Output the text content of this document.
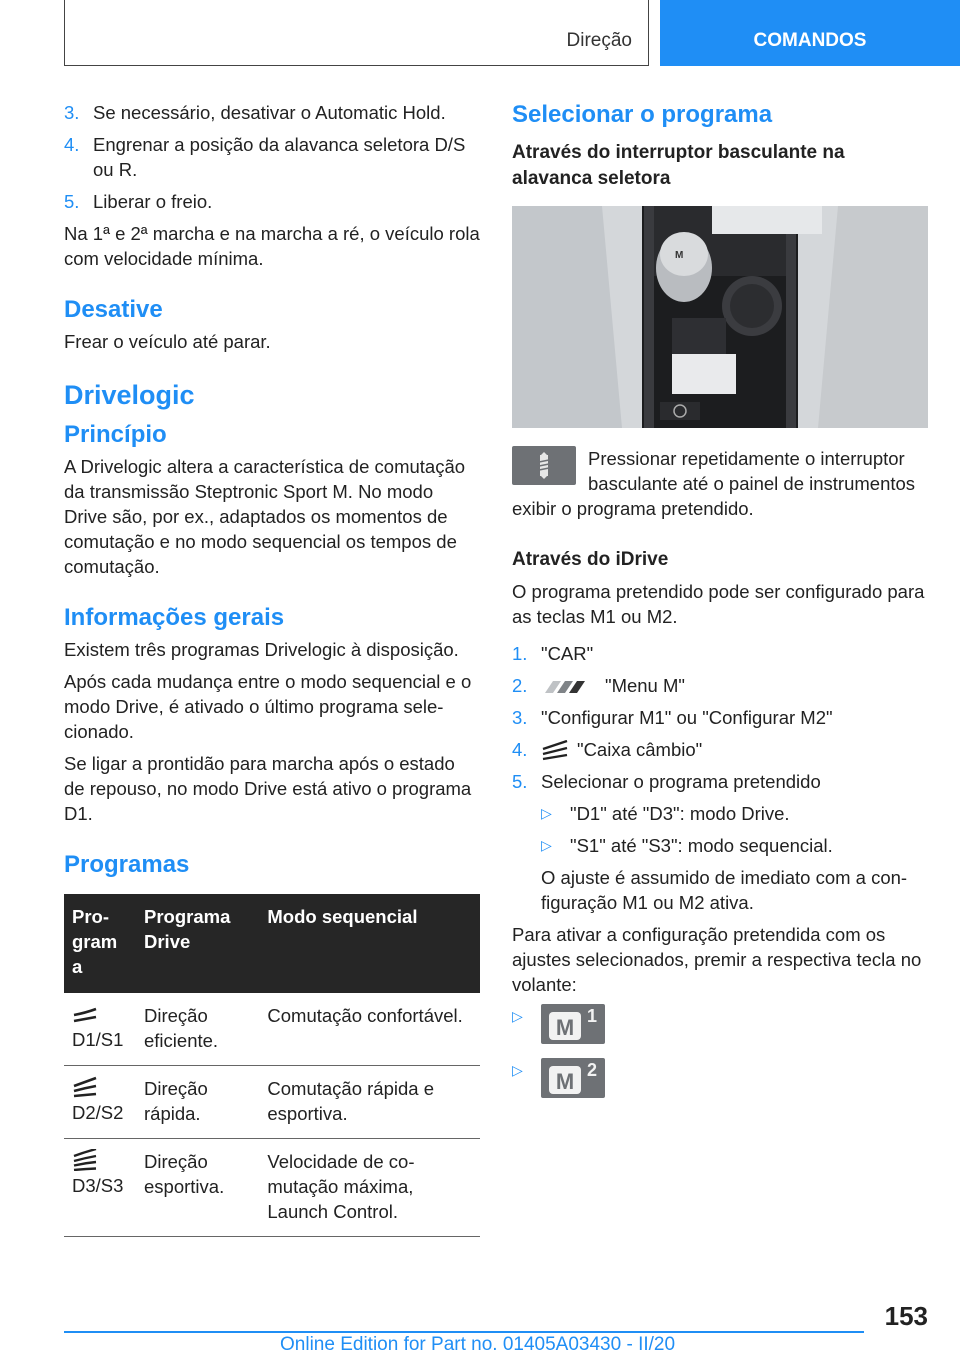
Direção	COMANDOS
3. Se necessário, desativar o Automatic Hold.
4. Engrenar a posição da alavanca seletora D/S ou R.
5. Liberar o freio.

Na 1ª e 2ª marcha e na marcha a ré, o veículo rola com velocidade mínima.

Desative

Frear o veículo até parar.

Drivelogic
Princípio

A Drivelogic altera a característica de comutação da transmissão Steptronic Sport M. No modo Drive são, por ex., adaptados os momentos de comutação e no modo sequencial os tempos de comutação.

Informações gerais

Existem três programas Drivelogic à disposição.

Após cada mudança entre o modo sequencial e o modo Drive, é ativado o último programa selecionado.

Se ligar a prontidão para marcha após o estado de repouso, no modo Drive está ativo o programa D1.

Programas
Program a	Programa Drive	Modo sequencial

D1/S1	Direção eficiente.	Comutação confortável.

D2/S2	Direção rápida.	Comutação rápida e esportiva.

D3/S3	Direção esportiva.	Velocidade de comutação máxima, Launch Control.
Selecionar o programa
Através do interruptor basculante na alavanca seletora
M
Pressionar repetidamente o interruptor basculante até o painel de instrumentos exibir o programa pretendido.
Através do iDrive

O programa pretendido pode ser configurado para as teclas M1 ou M2.

1. "CAR"
2.	"Menu M"
3. "Configurar M1" ou "Configurar M2"
4.	"Caixa câmbio"
5. Selecionar o programa pretendido
▷ "D1" até "D3": modo Drive.
▷ "S1" até "S3": modo sequencial.

O ajuste é assumido de imediato com a configuração M1 ou M2 ativa.

Para ativar a configuração pretendida com os ajustes selecionados, premir a respectiva tecla no volante:

▷ M 1
▷ M 2
153
Online Edition for Part no. 01405A03430 - II/20
